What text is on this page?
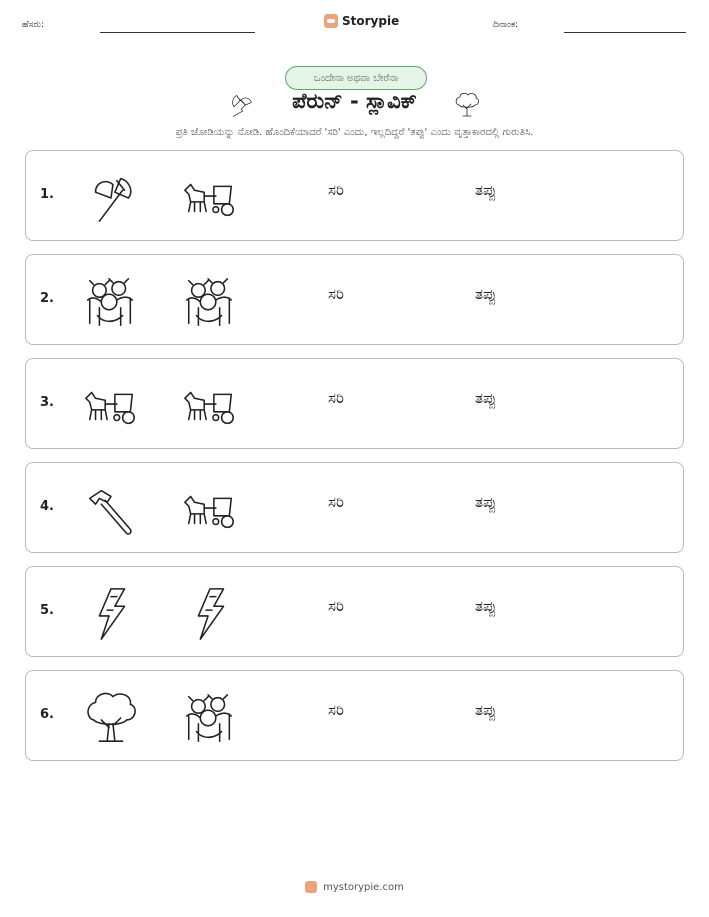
ಹೆಸರು:	Storypie	ದಿನಾಂಕ:
ಒಂದೇನಾ ಅಥವಾ ಬೇರೆನಾ
ಪೆರುನ್ - ಸ್ಲಾವಿಕ್
ಪ್ರತಿ ಜೋಡಿಯನ್ನು ನೋಡಿ. ಹೊಂದಿಕೆಯಾದರೆ 'ಸರಿ' ಎಂದು, ಇಲ್ಲದಿದ್ದರೆ 'ತಪ್ಪು' ಎಂದು ವೃತ್ತಾಕಾರದಲ್ಲಿ ಗುರುತಿಸಿ.
1.	ಸರಿ	ತಪ್ಪು
2.	ಸರಿ	ತಪ್ಪು
3.	ಸರಿ	ತಪ್ಪು
4.	ಸರಿ	ತಪ್ಪು
5.	ಸರಿ	ತಪ್ಪು
6.	ಸರಿ	ತಪ್ಪು
mystorypie.com
